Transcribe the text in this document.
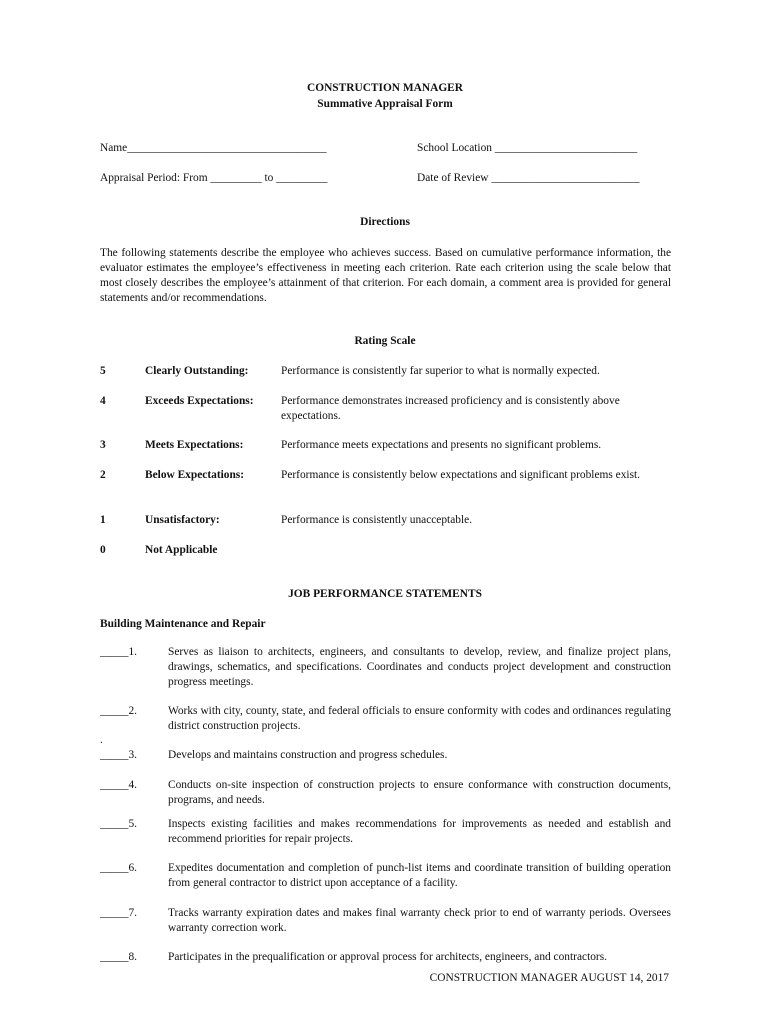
CONSTRUCTION MANAGER
Summative Appraisal Form
Name___________________________________	School Location _________________________
Appraisal Period: From _________ to _________	Date of Review __________________________
Directions
The following statements describe the employee who achieves success. Based on cumulative performance information, the evaluator estimates the employee’s effectiveness in meeting each criterion. Rate each criterion using the scale below that most closely describes the employee’s attainment of that criterion. For each domain, a comment area is provided for general statements and/or recommendations.
Rating Scale
5	Clearly Outstanding:	Performance is consistently far superior to what is normally expected.
4	Exceeds Expectations: Performance demonstrates increased proficiency and is consistently above expectations.
3	Meets Expectations:	Performance meets expectations and presents no significant problems.
2	Below Expectations:	Performance is consistently below expectations and significant problems exist.
1	Unsatisfactory:	Performance is consistently unacceptable.
0	Not Applicable
JOB PERFORMANCE STATEMENTS
Building Maintenance and Repair
_____1.	Serves as liaison to architects, engineers, and consultants to develop, review, and finalize project plans, drawings, schematics, and specifications. Coordinates and conducts project development and construction progress meetings.
_____2.	Works with city, county, state, and federal officials to ensure conformity with codes and ordinances regulating district construction projects.
.
_____3.	Develops and maintains construction and progress schedules.
_____4.	Conducts on-site inspection of construction projects to ensure conformance with construction documents, programs, and needs.
_____5.	Inspects existing facilities and makes recommendations for improvements as needed and establish and recommend priorities for repair projects.
_____6.	Expedites documentation and completion of punch-list items and coordinate transition of building operation from general contractor to district upon acceptance of a facility.
_____7.	Tracks warranty expiration dates and makes final warranty check prior to end of warranty periods. Oversees warranty correction work.
_____8.	Participates in the prequalification or approval process for architects, engineers, and contractors.
CONSTRUCTION MANAGER AUGUST 14, 2017
